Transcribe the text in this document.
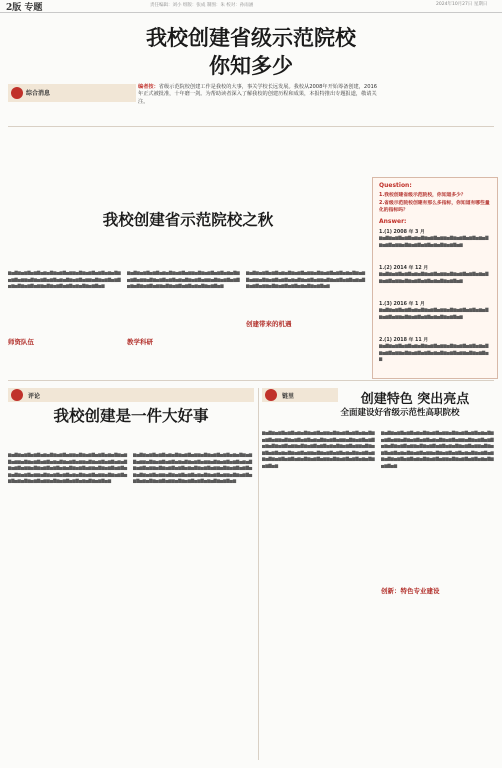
2版 专题	责任编辑：刘小 组版：张成 制图：朱 校对：孙雨涵	2024年10月27日 星期日
我校创建省级示范院校
你知多少
综合消息
编者按：省级示范院校创建工作是我校的大事，事关学校长远发展。我校从2008年开始筹备创建，2016年正式被批准，十年磨一剑。为帮助读者深入了解我校的创建历程和成果，本报特推出专题报道，敬请关注。
我校创建省示范院校之秋
▆▅▇▆▅▆▇▅▆▇▅▆▅▇▆▅▆▇▅▆▆▅▇▆▅▆▇▅▆▇▅▆▅▇▆▅▆▇▅▆▆▅▇▆▅▆▇▅▆▇▅▆▅▇▆▅▆▇▅▆▆▅▇▆▅▆▇▅▆▇▅▆▅▇▆▅▆▇▅▆▆▅▇▆▅▆▇▅▆▇▅▆▅▇▆▅▆▇▅▆
师资队伍
▆▅▇▆▅▆▇▅▆▇▅▆▅▇▆▅▆▇▅▆▆▅▇▆▅▆▇▅▆▇▅▆▅▇▆▅▆▇▅▆▆▅▇▆▅▆▇▅▆▇▅▆▅▇▆▅▆▇▅▆▆▅▇▆▅▆▇▅▆▇▅▆▅▇▆▅▆▇▅▆▆▅▇▆▅▆▇▅▆▇▅▆▅▇▆▅▆▇▅▆
教学科研
▆▅▇▆▅▆▇▅▆▇▅▆▅▇▆▅▆▇▅▆▆▅▇▆▅▆▇▅▆▇▅▆▅▇▆▅▆▇▅▆▆▅▇▆▅▆▇▅▆▇▅▆▅▇▆▅▆▇▅▆▆▅▇▆▅▆▇▅▆▇▅▆▅▇▆▅▆▇▅▆▆▅▇▆▅▆▇▅▆▇▅▆▅▇▆▅▆▇▅▆
创建带来的机遇
Question:
1.我校创建省级示范院校，你知道多少？
2.省级示范院校创建有那么多指标，你知道有哪些量化的指标吗？
Answer:
1.(1) 2008 年 3 月
▆▅▇▆▅▆▇▅▆▇▅▆▅▇▆▅▆▇▅▆▆▅▇▆▅▆▇▅▆▇▅▆▅▇▆▅▆▇▅▆▆▅▇▆▅▆▇▅▆▇▅▆▅▇▆▅▆▇▅▆
1.(2) 2014 年 12 月
▆▅▇▆▅▆▇▅▆▇▅▆▅▇▆▅▆▇▅▆▆▅▇▆▅▆▇▅▆▇▅▆▅▇▆▅▆▇▅▆▆▅▇▆▅▆▇▅▆▇▅▆▅▇▆▅▆▇▅▆
1.(3) 2016 年 1 月
▆▅▇▆▅▆▇▅▆▇▅▆▅▇▆▅▆▇▅▆▆▅▇▆▅▆▇▅▆▇▅▆▅▇▆▅▆▇▅▆▆▅▇▆▅▆▇▅▆▇▅▆▅▇▆▅▆▇▅▆
2.(1) 2018 年 11 月
▆▅▇▆▅▆▇▅▆▇▅▆▅▇▆▅▆▇▅▆▆▅▇▆▅▆▇▅▆▇▅▆▅▇▆▅▆▇▅▆▆▅▇▆▅▆▇▅▆▇▅▆▅▇▆▅▆▇▅▆▆▅▇▆▅▆▇▅▆
评论
我校创建是一件大好事
▆▅▇▆▅▆▇▅▆▇▅▆▅▇▆▅▆▇▅▆▆▅▇▆▅▆▇▅▆▇▅▆▅▇▆▅▆▇▅▆▆▅▇▆▅▆▇▅▆▇▅▆▅▇▆▅▆▇▅▆▆▅▇▆▅▆▇▅▆▇▅▆▅▇▆▅▆▇▅▆▆▅▇▆▅▆▇▅▆▇▅▆▅▇▆▅▆▇▅▆▆▅▇▆▅▆▇▅▆▇▅▆▅▇▆▅▆▇▅▆▆▅▇▆▅▆▇▅▆▇▅▆▅▇▆▅▆▇▅▆▆▅▇▆▅▆▇▅▆▇▅▆▅▇▆▅▆▇▅▆▆▅▇▆▅▆▇▅▆▇▅▆▅▇▆▅▆▇▅▆
▆▅▇▆▅▆▇▅▆▇▅▆▅▇▆▅▆▇▅▆▆▅▇▆▅▆▇▅▆▇▅▆▅▇▆▅▆▇▅▆▆▅▇▆▅▆▇▅▆▇▅▆▅▇▆▅▆▇▅▆▆▅▇▆▅▆▇▅▆▇▅▆▅▇▆▅▆▇▅▆▆▅▇▆▅▆▇▅▆▇▅▆▅▇▆▅▆▇▅▆▆▅▇▆▅▆▇▅▆▇▅▆▅▇▆▅▆▇▅▆▆▅▇▆▅▆▇▅▆▇▅▆▅▇▆▅▆▇▅▆▆▅▇▆▅▆▇▅▆▇▅▆▅▇▆▅▆▇▅▆▆▅▇▆▅▆▇▅▆▇▅▆▅▇▆▅▆▇▅▆
链里	创建特色 突出亮点
全面建设好省级示范性高职院校
▆▅▇▆▅▆▇▅▆▇▅▆▅▇▆▅▆▇▅▆▆▅▇▆▅▆▇▅▆▇▅▆▅▇▆▅▆▇▅▆▆▅▇▆▅▆▇▅▆▇▅▆▅▇▆▅▆▇▅▆▆▅▇▆▅▆▇▅▆▇▅▆▅▇▆▅▆▇▅▆▆▅▇▆▅▆▇▅▆▇▅▆▅▇▆▅▆▇▅▆▆▅▇▆▅▆▇▅▆▇▅▆▅▇▆▅▆▇▅▆▆▅▇▆▅▆▇▅▆▇▅▆▅▇▆▅▆▇▅▆▆▅▇▆▅▆▇▅▆▇▅▆▅▇▆▅▆▇▅▆▆▅▇▆▅▆▇▅▆▇▅▆▅▇▆▅▆▇▅▆
▆▅▇▆▅▆▇▅▆▇▅▆▅▇▆▅▆▇▅▆▆▅▇▆▅▆▇▅▆▇▅▆▅▇▆▅▆▇▅▆▆▅▇▆▅▆▇▅▆▇▅▆▅▇▆▅▆▇▅▆▆▅▇▆▅▆▇▅▆▇▅▆▅▇▆▅▆▇▅▆▆▅▇▆▅▆▇▅▆▇▅▆▅▇▆▅▆▇▅▆▆▅▇▆▅▆▇▅▆▇▅▆▅▇▆▅▆▇▅▆▆▅▇▆▅▆▇▅▆▇▅▆▅▇▆▅▆▇▅▆▆▅▇▆▅▆▇▅▆▇▅▆▅▇▆▅▆▇▅▆▆▅▇▆▅▆▇▅▆▇▅▆▅▇▆▅▆▇▅▆
创新：特色专业建设
